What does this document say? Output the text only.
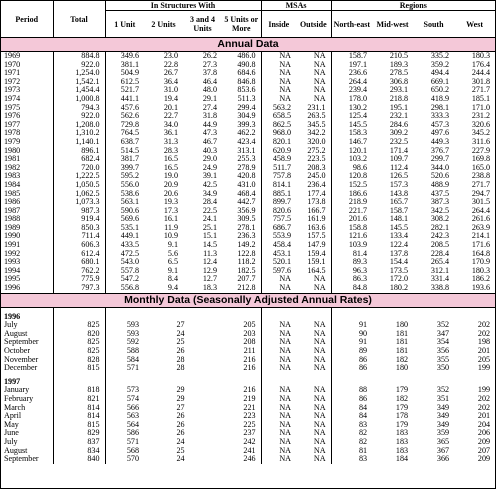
Period	Total	In Structures With				MSAs		Regions			
		1 Unit	2 Units	3 and 4 Units	5 Units or More	Inside	Outside	North-east	Mid-west	South	West
Annual Data											
1969	884.8	349.6	23.0	26.2	486.0	NA	NA	158.7	210.5	335.2	180.3
1970	922.0	381.1	22.8	27.3	490.8	NA	NA	197.1	189.3	359.2	176.4
1971	1,254.0	504.9	26.7	37.8	684.6	NA	NA	236.6	278.5	494.4	244.4
1972	1,542.1	612.5	36.4	46.4	846.8	NA	NA	264.4	306.8	669.1	301.8
1973	1,454.4	521.7	31.0	48.0	853.6	NA	NA	239.4	293.1	650.2	271.7
1974	1,000.8	441.1	19.4	29.1	511.3	NA	NA	178.0	218.8	418.9	185.1
1975	794.3	457.6	20.1	27.4	299.4	563.2	231.1	130.2	195.1	298.1	171.0
1976	922.0	562.6	22.7	31.8	304.9	658.5	263.5	125.4	232.1	333.3	231.2
1977	1,208.0	729.8	34.0	44.9	399.3	862.5	345.5	145.5	284.6	457.3	320.6
1978	1,310.2	764.5	36.1	47.3	462.2	968.0	342.2	158.3	309.2	497.6	345.2
1979	1,140.1	638.7	31.3	46.7	423.4	820.1	320.0	146.7	232.5	449.3	311.6
1980	896.1	514.5	28.3	40.3	313.1	620.9	275.2	120.1	171.4	376.7	227.9
1981	682.4	381.7	16.5	29.0	255.3	458.9	223.5	103.2	109.7	299.7	169.8
1982	720.0	399.7	16.5	24.9	278.9	511.7	208.3	98.6	112.4	344.0	165.0
1983	1,222.5	595.2	19.0	39.1	420.8	757.8	245.0	120.8	126.5	520.6	238.8
1984	1,050.5	556.0	20.9	42.5	431.0	814.1	236.4	152.5	157.3	488.9	271.7
1985	1,062.5	538.6	20.6	34.9	468.4	885.1	177.4	186.6	143.8	437.5	294.7
1986	1,073.3	563.1	19.3	28.4	442.7	899.7	173.8	218.9	165.7	387.3	301.5
1987	987.3	590.6	17.3	22.5	356.9	820.6	166.7	221.7	158.7	342.5	264.4
1988	919.4	569.6	16.1	24.1	309.5	757.5	161.9	201.6	148.1	308.2	261.6
1989	850.3	535.1	11.9	25.1	278.1	686.7	163.6	158.8	145.5	282.1	263.9
1990	711.4	449.1	10.9	15.1	236.3	553.9	157.5	121.6	133.4	242.3	214.1
1991	606.3	433.5	9.1	14.5	149.2	458.4	147.9	103.9	122.4	208.5	171.6
1992	612.4	472.5	5.6	11.3	122.8	453.1	159.4	81.4	137.8	228.4	164.8
1993	680.1	543.0	6.5	12.4	118.2	520.1	159.1	89.3	154.4	265.4	170.9
1994	762.2	557.8	9.1	12.9	182.5	597.6	164.5	96.3	173.5	312.1	180.3
1995	775.9	547.2	8.4	12.7	207.7	NA	NA	86.3	172.0	331.4	186.2
1996	797.3	556.8	9.4	18.3	212.8	NA	NA	84.8	180.2	338.8	193.6
Monthly Data (Seasonally Adjusted Annual Rates)											

1996											
July	825	593	27		205	NA	NA	91	180	352	202
August	820	593	24		203	NA	NA	90	181	347	202
September	825	592	25		208	NA	NA	91	181	354	198
October	825	588	26		211	NA	NA	89	181	356	201
November	828	584	28		216	NA	NA	86	182	355	205
December	815	571	28		216	NA	NA	86	180	350	199

1997											
January	818	573	29		216	NA	NA	88	179	352	199
February	821	574	29		219	NA	NA	86	182	351	202
March	814	566	27		221	NA	NA	84	179	349	202
April	814	563	26		223	NA	NA	84	178	349	201
May	815	564	26		225	NA	NA	83	179	349	204
June	829	586	26		237	NA	NA	82	183	359	206
July	837	571	24		242	NA	NA	82	183	365	209
August	834	568	25		241	NA	NA	81	183	367	207
September	840	570	24		246	NA	NA	83	184	366	209
